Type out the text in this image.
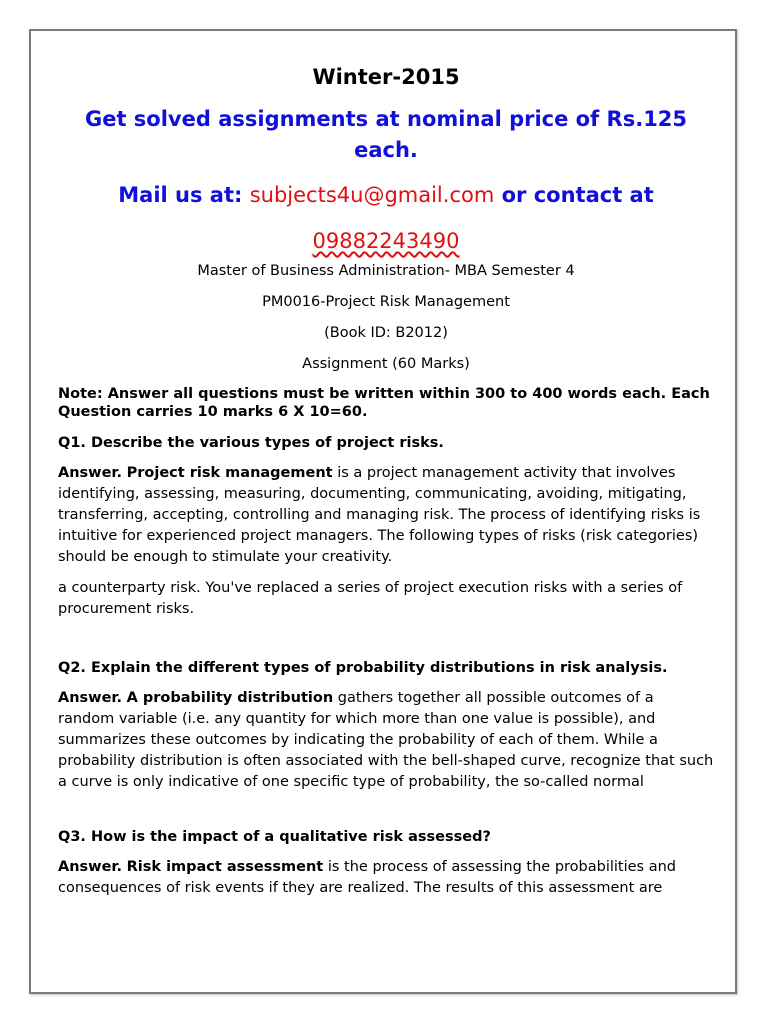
Winter-2015

Get solved assignments at nominal price of Rs.125 each.

Mail us at: subjects4u@gmail.com or contact at

09882243490

Master of Business Administration- MBA Semester 4

PM0016-Project Risk Management

(Book ID: B2012)

Assignment (60 Marks)

Note: Answer all questions must be written within 300 to 400 words each. Each Question carries 10 marks 6 X 10=60.

Q1. Describe the various types of project risks.

Answer. Project risk management is a project management activity that involves identifying, assessing, measuring, documenting, communicating, avoiding, mitigating, transferring, accepting, controlling and managing risk. The process of identifying risks is intuitive for experienced project managers. The following types of risks (risk categories) should be enough to stimulate your creativity.

a counterparty risk. You've replaced a series of project execution risks with a series of procurement risks.

Q2. Explain the different types of probability distributions in risk analysis.

Answer. A probability distribution gathers together all possible outcomes of a random variable (i.e. any quantity for which more than one value is possible), and summarizes these outcomes by indicating the probability of each of them. While a probability distribution is often associated with the bell-shaped curve, recognize that such a curve is only indicative of one specific type of probability, the so-called normal

Q3. How is the impact of a qualitative risk assessed?

Answer. Risk impact assessment is the process of assessing the probabilities and consequences of risk events if they are realized. The results of this assessment are
